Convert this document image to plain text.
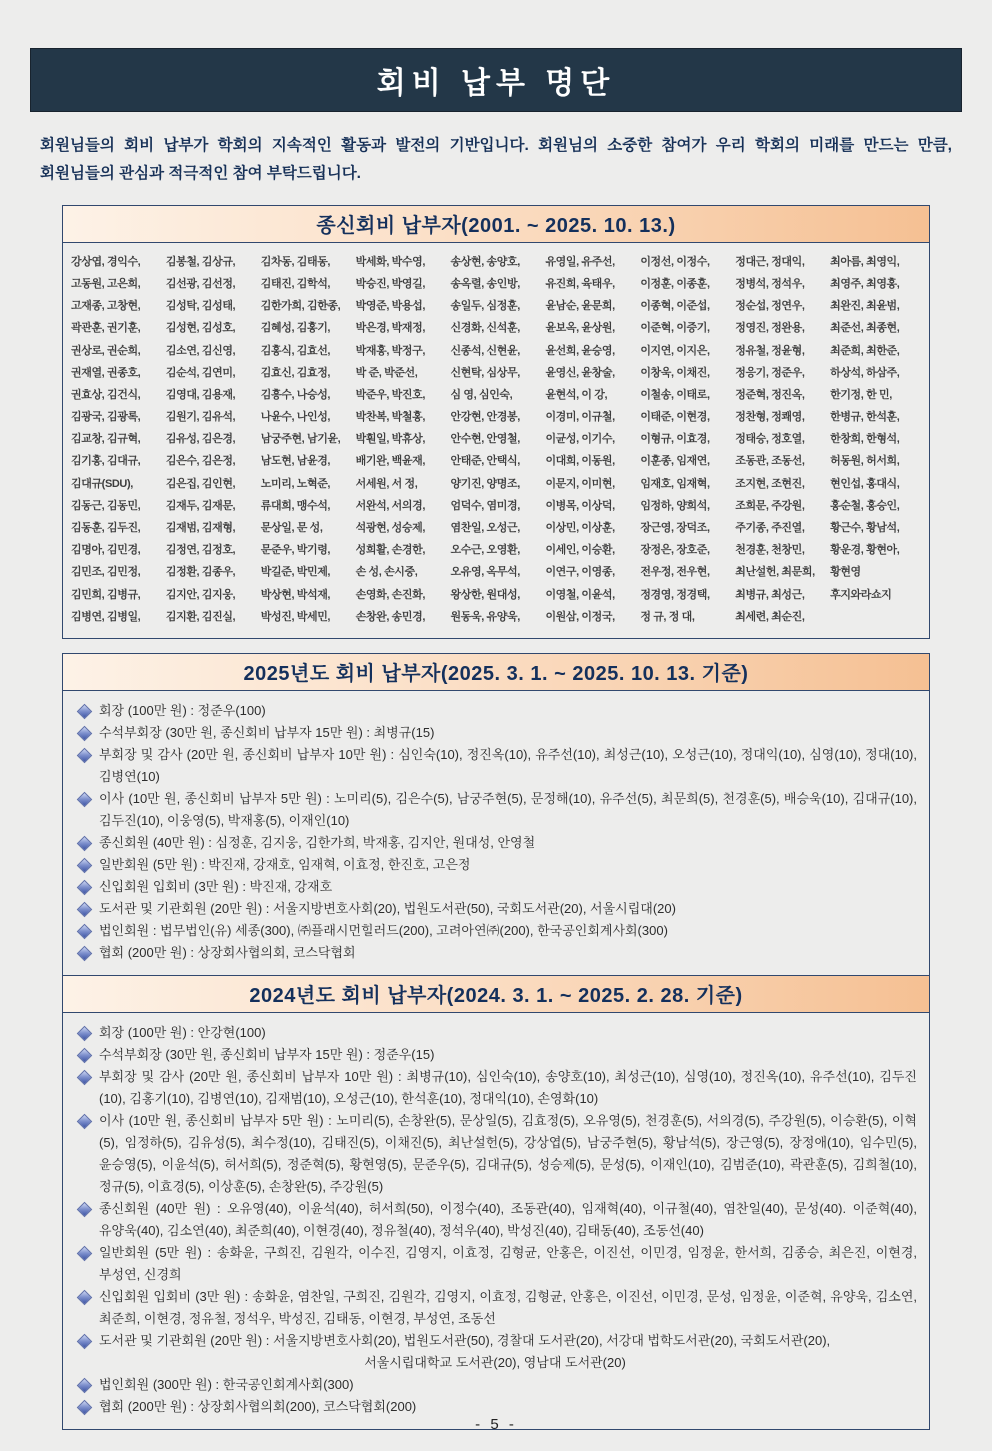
회비 납부 명단
회원님들의 회비 납부가 학회의 지속적인 활동과 발전의 기반입니다. 회원님의 소중한 참여가 우리 학회의 미래를 만드는 만큼, 회원님들의 관심과 적극적인 참여 부탁드립니다.
종신회비 납부자(2001. ~ 2025. 10. 13.)
강상엽, 경익수,	김봉철, 김상규,	김차동, 김태동,	박세화, 박수영,	송상현, 송양호,	유영일, 유주선,	이정선, 이정수,	정대근, 정대익,	최아름, 최영익,
고동원, 고은희,	김선광, 김선정,	김태진, 김학석,	박승진, 박영길,	송옥렬, 송인방,	유진희, 육태우,	이정훈, 이종훈,	정병석, 정석우,	최영주, 최영홍,
고재종, 고창현,	김성탁, 김성태,	김한가희, 김한종,	박영준, 박용섭,	송일두, 심정훈,	윤남순, 윤문희,	이종혁, 이준섭,	정순섭, 정연우,	최완진, 최윤범,
곽관훈, 권기훈,	김성현, 김성호,	김혜성, 김홍기,	박은경, 박재정,	신경화, 신석훈,	윤보옥, 윤상원,	이준혁, 이증기,	정영진, 정완용,	최준선, 최종현,
권상로, 권순희,	김소연, 김신영,	김홍식, 김효선,	박재홍, 박정구,	신종석, 신현윤,	윤선희, 윤승영,	이지연, 이지은,	정유철, 정윤형,	최준희, 최한준,
권재열, 권종호,	김순석, 김연미,	김효신, 김효정,	박 준, 박준선,	신현탁, 심상무,	윤영신, 윤창술,	이창욱, 이채진,	정응기, 정준우,	하상석, 하삼주,
권효상, 김건식,	김영대, 김용재,	김흥수, 나승성,	박준우, 박진호,	심 영, 심인숙,	윤현석, 이 강,	이철송, 이태로,	정준혁, 정진옥,	한기정, 한 민,
김광국, 김광록,	김원기, 김유석,	나윤수, 나인성,	박찬복, 박철홍,	안강현, 안경봉,	이경미, 이규철,	이태준, 이현경,	정찬형, 정쾌영,	한병규, 한석훈,
김교창, 김규혁,	김유성, 김은경,	남궁주현, 남기윤,	박훤일, 박휴상,	안수현, 안영철,	이균성, 이기수,	이형규, 이효경,	정태승, 정호열,	한창희, 한형석,
김기홍, 김대규,	김은수, 김은정,	남도현, 남윤경,	배기완, 백윤재,	안태준, 안택식,	이대희, 이동원,	이훈종, 임재연,	조동관, 조동선,	허동원, 허서희,
김대규(SDU),	김은집, 김인현,	노미리, 노혁준,	서세원, 서 정,	양기진, 양명조,	이문지, 이미현,	임재호, 임재혁,	조지현, 조현진,	현인섭, 홍대식,
김동근, 김동민,	김재두, 김재문,	류대희, 맹수석,	서완석, 서의경,	엄덕수, 염미경,	이병목, 이상덕,	임정하, 양희석,	조희문, 주강원,	홍순철, 홍승인,
김동훈, 김두진,	김재범, 김재형,	문상일, 문 성,	석광현, 성승제,	염찬일, 오성근,	이상민, 이상훈,	장근영, 장덕조,	주기종, 주진열,	황근수, 황남석,
김명아, 김민경,	김정연, 김정호,	문준우, 박기령,	성희활, 손경한,	오수근, 오영환,	이세인, 이승환,	장정은, 장호준,	천경훈, 천창민,	황운경, 황현아,
김민조, 김민정,	김정환, 김종우,	박길준, 박민제,	손 성, 손시중,	오유영, 옥무석,	이연구, 이영종,	전우정, 전우현,	최난설헌, 최문희,	황현영
김민희, 김병규,	김지안, 김지웅,	박상현, 박석재,	손영화, 손진화,	왕상한, 원대성,	이영철, 이윤석,	정경영, 정경택,	최병규, 최성근,	후지와라쇼지
김병연, 김병일,	김지환, 김진실,	박성진, 박세민,	손창완, 송민경,	원동욱, 유양욱,	이원삼, 이정국,	정 규, 정 대,	최세련, 최순진,
2025년도 회비 납부자(2025. 3. 1. ~ 2025. 10. 13. 기준)
회장 (100만 원) : 정준우(100)
수석부회장 (30만 원, 종신회비 납부자 15만 원) : 최병규(15)
부회장 및 감사 (20만 원, 종신회비 납부자 10만 원) : 심인숙(10), 정진옥(10), 유주선(10), 최성근(10), 오성근(10), 정대익(10), 심영(10), 정대(10), 김병연(10)
이사 (10만 원, 종신회비 납부자 5만 원) : 노미리(5), 김은수(5), 남궁주현(5), 문정해(10), 유주선(5), 최문희(5), 천경훈(5), 배승욱(10), 김대규(10), 김두진(10), 이웅영(5), 박재홍(5), 이재인(10)
종신회원 (40만 원) : 심정훈, 김지웅, 김한가희, 박재홍, 김지안, 원대성, 안영철
일반회원 (5만 원) : 박진재, 강재호, 임재혁, 이효정, 한진호, 고은정
신입회원 입회비 (3만 원) : 박진재, 강재호
도서관 및 기관회원 (20만 원) : 서울지방변호사회(20), 법원도서관(50), 국회도서관(20), 서울시립대(20)
법인회원 : 법무법인(유) 세종(300), ㈜플래시먼힐러드(200), 고려아연㈜(200), 한국공인회계사회(300)
협회 (200만 원) : 상장회사협의회, 코스닥협회
2024년도 회비 납부자(2024. 3. 1. ~ 2025. 2. 28. 기준)
회장 (100만 원) : 안강현(100)
수석부회장 (30만 원, 종신회비 납부자 15만 원) : 정준우(15)
부회장 및 감사 (20만 원, 종신회비 납부자 10만 원) : 최병규(10), 심인숙(10), 송양호(10), 최성근(10), 심영(10), 정진옥(10), 유주선(10), 김두진(10), 김홍기(10), 김병연(10), 김재범(10), 오성근(10), 한석훈(10), 정대익(10), 손영화(10)
이사 (10만 원, 종신회비 납부자 5만 원) : 노미리(5), 손창완(5), 문상일(5), 김효정(5), 오유영(5), 천경훈(5), 서의경(5), 주강원(5), 이승환(5), 이혁(5), 임정하(5), 김유성(5), 최수정(10), 김태진(5), 이채진(5), 최난설헌(5), 강상엽(5), 남궁주현(5), 황남석(5), 장근영(5), 장정애(10), 임수민(5), 윤승영(5), 이윤석(5), 허서희(5), 정준혁(5), 황현영(5), 문준우(5), 김대규(5), 성승제(5), 문성(5), 이재인(10), 김범준(10), 곽관훈(5), 김희철(10), 정규(5), 이효경(5), 이상훈(5), 손창완(5), 주강원(5)
종신회원 (40만 원) : 오유영(40), 이윤석(40), 허서희(50), 이정수(40), 조동관(40), 임재혁(40), 이규철(40), 염찬일(40), 문성(40). 이준혁(40), 유양욱(40), 김소연(40), 최준희(40), 이현경(40), 정유철(40), 정석우(40), 박성진(40), 김태동(40), 조동선(40)
일반회원 (5만 원) : 송화윤, 구희진, 김원각, 이수진, 김영지, 이효정, 김형균, 안홍은, 이진선, 이민경, 임정윤, 한서희, 김종승, 최은진, 이현경, 부성연, 신경희
신입회원 입회비 (3만 원) : 송화윤, 염찬일, 구희진, 김원각, 김영지, 이효정, 김형균, 안홍은, 이진선, 이민경, 문성, 임정윤, 이준혁, 유양욱, 김소연, 최준희, 이현경, 정유철, 정석우, 박성진, 김태동, 이현경, 부성연, 조동선
도서관 및 기관회원 (20만 원) : 서울지방변호사회(20), 법원도서관(50), 경찰대 도서관(20), 서강대 법학도서관(20), 국회도서관(20),
서울시립대학교 도서관(20), 영남대 도서관(20)
법인회원 (300만 원) : 한국공인회계사회(300)
협회 (200만 원) : 상장회사협의회(200), 코스닥협회(200)
- 5 -
